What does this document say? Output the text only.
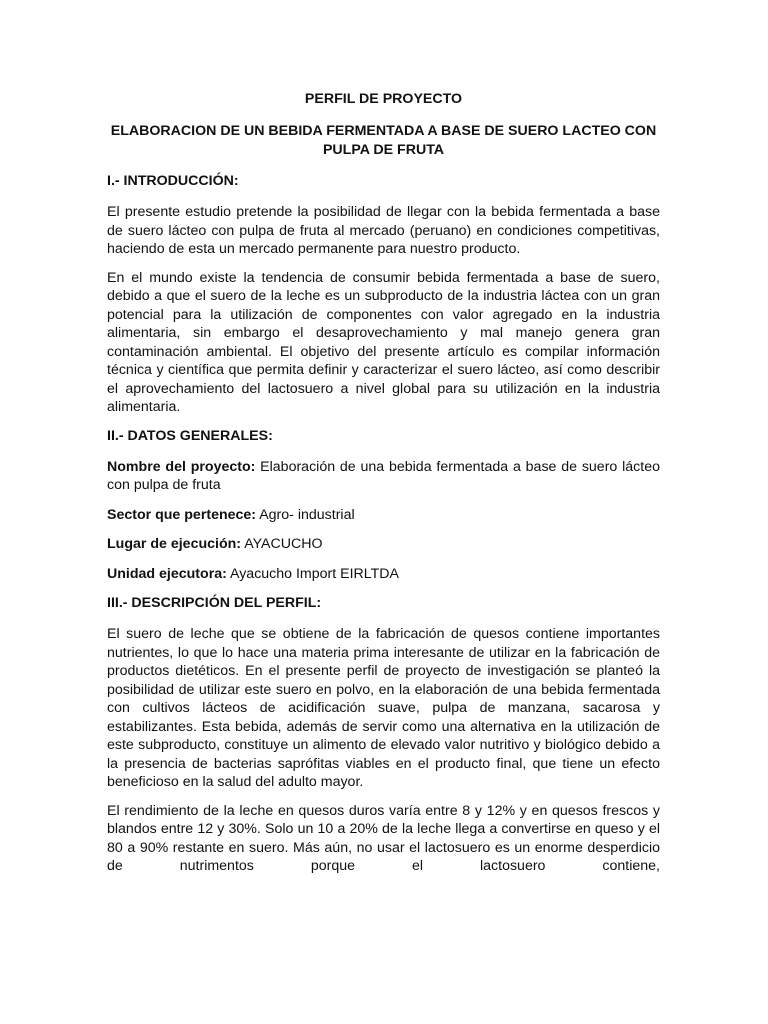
PERFIL DE PROYECTO
ELABORACION DE UN BEBIDA FERMENTADA A BASE DE SUERO LACTEO CON PULPA DE FRUTA
I.- INTRODUCCIÓN:

El presente estudio pretende la posibilidad de llegar con la bebida fermentada a base de suero lácteo con pulpa de fruta al mercado (peruano) en condiciones competitivas, haciendo de esta un mercado permanente para nuestro producto.

En el mundo existe la tendencia de consumir bebida fermentada a base de suero, debido a que el suero de la leche es un subproducto de la industria láctea con un gran potencial para la utilización de componentes con valor agregado en la industria alimentaria, sin embargo el desaprovechamiento y mal manejo genera gran contaminación ambiental. El objetivo del presente artículo es compilar información técnica y científica que permita definir y caracterizar el suero lácteo, así como describir el aprovechamiento del lactosuero a nivel global para su utilización en la industria alimentaria.

II.- DATOS GENERALES:

Nombre del proyecto: Elaboración de una bebida fermentada a base de suero lácteo con pulpa de fruta

Sector que pertenece: Agro- industrial

Lugar de ejecución: AYACUCHO

Unidad ejecutora: Ayacucho Import EIRLTDA

III.- DESCRIPCIÓN DEL PERFIL:

El suero de leche que se obtiene de la fabricación de quesos contiene importantes nutrientes, lo que lo hace una materia prima interesante de utilizar en la fabricación de productos dietéticos. En el presente perfil de proyecto de investigación se planteó la posibilidad de utilizar este suero en polvo, en la elaboración de una bebida fermentada con cultivos lácteos de acidificación suave, pulpa de manzana, sacarosa y estabilizantes. Esta bebida, además de servir como una alternativa en la utilización de este subproducto, constituye un alimento de elevado valor nutritivo y biológico debido a la presencia de bacterias saprófitas viables en el producto final, que tiene un efecto beneficioso en la salud del adulto mayor.

El rendimiento de la leche en quesos duros varía entre 8 y 12% y en quesos frescos y blandos entre 12 y 30%. Solo un 10 a 20% de la leche llega a convertirse en queso y el 80 a 90% restante en suero. Más aún, no usar el lactosuero es un enorme desperdicio de nutrimentos porque el lactosuero contiene,
